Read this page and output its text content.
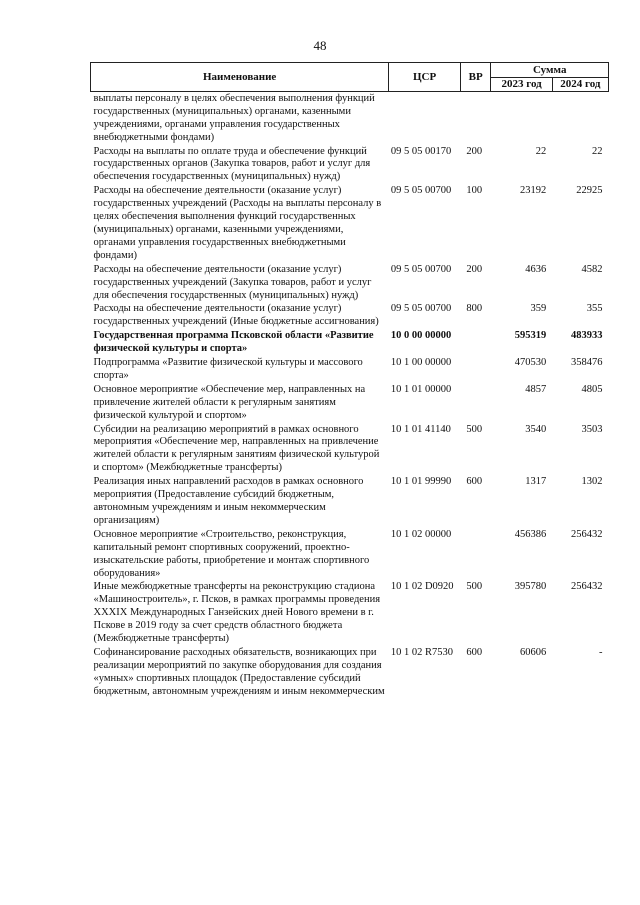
48
Наименование	ЦСР	ВР	Сумма	
			2023 год	2024 год
выплаты персоналу в целях обеспечения выполнения функций государственных (муниципальных) органами, казенными учреждениями, органами управления государственных внебюджетными фондами)				
Расходы на выплаты по оплате труда и обеспечение функций государственных органов (Закупка товаров, работ и услуг для обеспечения государственных (муниципальных) нужд)	09 5 05 00170	200	22	22
Расходы на обеспечение деятельности (оказание услуг) государственных учреждений (Расходы на выплаты персоналу в целях обеспечения выполнения функций государственных (муниципальных) органами, казенными учреждениями, органами управления государственных внебюджетными фондами)	09 5 05 00700	100	23192	22925
Расходы на обеспечение деятельности (оказание услуг) государственных учреждений (Закупка товаров, работ и услуг для обеспечения государственных (муниципальных) нужд)	09 5 05 00700	200	4636	4582
Расходы на обеспечение деятельности (оказание услуг) государственных учреждений (Иные бюджетные ассигнования)	09 5 05 00700	800	359	355
Государственная программа Псковской области «Развитие физической культуры и спорта»	10 0 00 00000		595319	483933
Подпрограмма «Развитие физической культуры и массового спорта»	10 1 00 00000		470530	358476
Основное мероприятие «Обеспечение мер, направленных на привлечение жителей области к регулярным занятиям физической культурой и спортом»	10 1 01 00000		4857	4805
Субсидии на реализацию мероприятий в рамках основного мероприятия «Обеспечение мер, направленных на привлечение жителей области к регулярным занятиям физической культурой и спортом» (Межбюджетные трансферты)	10 1 01 41140	500	3540	3503
Реализация иных направлений расходов в рамках основного мероприятия (Предоставление субсидий бюджетным, автономным учреждениям и иным некоммерческим организациям)	10 1 01 99990	600	1317	1302
Основное мероприятие «Строительство, реконструкция, капитальный ремонт спортивных сооружений, проектно-изыскательские работы, приобретение и монтаж спортивного оборудования»	10 1 02 00000		456386	256432
Иные межбюджетные трансферты на реконструкцию стадиона «Машиностроитель», г. Псков, в рамках программы проведения XXXIX Международных Ганзейских дней Нового времени в г. Пскове в 2019 году за счет средств областного бюджета (Межбюджетные трансферты)	10 1 02 D0920	500	395780	256432
Софинансирование расходных обязательств, возникающих при реализации мероприятий по закупке оборудования для создания «умных» спортивных площадок (Предоставление субсидий бюджетным, автономным учреждениям и иным некоммерческим	10 1 02 R7530	600	60606	-
